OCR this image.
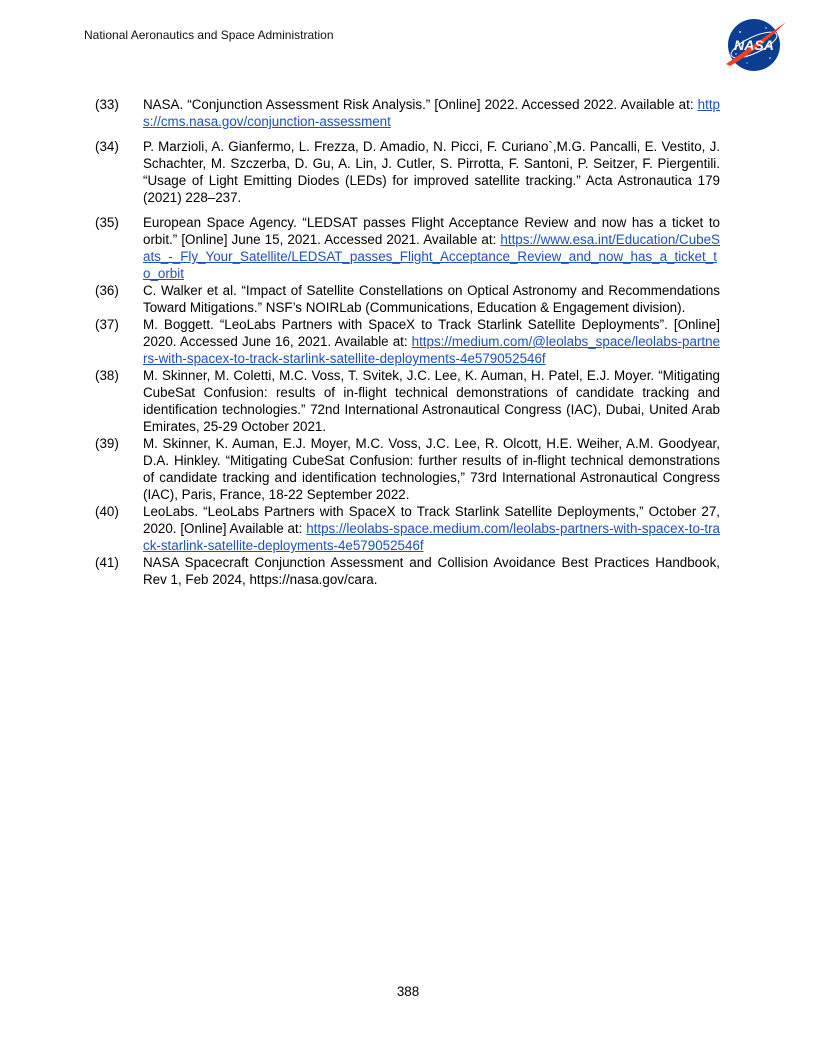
National Aeronautics and Space Administration
NASA
(33)	NASA. “Conjunction Assessment Risk Analysis.” [Online] 2022. Accessed 2022. Available at: https://cms.nasa.gov/conjunction-assessment
(34)	P. Marzioli, A. Gianfermo, L. Frezza, D. Amadio, N. Picci, F. Curiano`,M.G. Pancalli, E. Vestito, J. Schachter, M. Szczerba, D. Gu, A. Lin, J. Cutler, S. Pirrotta, F. Santoni, P. Seitzer, F. Piergentili. “Usage of Light Emitting Diodes (LEDs) for improved satellite tracking.” Acta Astronautica 179 (2021) 228–237.
(35)	European Space Agency. “LEDSAT passes Flight Acceptance Review and now has a ticket to orbit.” [Online] June 15, 2021. Accessed 2021. Available at: https://www.esa.int/Education/CubeSats_-_Fly_Your_Satellite/LEDSAT_passes_Flight_Acceptance_Review_and_now_has_a_ticket_to_orbit
(36)	C. Walker et al. “Impact of Satellite Constellations on Optical Astronomy and Recommendations Toward Mitigations.” NSF’s NOIRLab (Communications, Education & Engagement division).
(37)	M. Boggett. “LeoLabs Partners with SpaceX to Track Starlink Satellite Deployments”. [Online] 2020. Accessed June 16, 2021. Available at: https://medium.com/@leolabs_space/leolabs-partners-with-spacex-to-track-starlink-satellite-deployments-4e579052546f
(38)	M. Skinner, M. Coletti, M.C. Voss, T. Svitek, J.C. Lee, K. Auman, H. Patel, E.J. Moyer. “Mitigating CubeSat Confusion: results of in-flight technical demonstrations of candidate tracking and identification technologies.” 72nd International Astronautical Congress (IAC), Dubai, United Arab Emirates, 25-29 October 2021.
(39)	M. Skinner, K. Auman, E.J. Moyer, M.C. Voss, J.C. Lee, R. Olcott, H.E. Weiher, A.M. Goodyear, D.A. Hinkley. “Mitigating CubeSat Confusion: further results of in-flight technical demonstrations of candidate tracking and identification technologies,” 73rd International Astronautical Congress (IAC), Paris, France, 18-22 September 2022.
(40)	LeoLabs. “LeoLabs Partners with SpaceX to Track Starlink Satellite Deployments,” October 27, 2020. [Online] Available at: https://leolabs-space.medium.com/leolabs-partners-with-spacex-to-track-starlink-satellite-deployments-4e579052546f
(41)	NASA Spacecraft Conjunction Assessment and Collision Avoidance Best Practices Handbook, Rev 1, Feb 2024, https://nasa.gov/cara.
388
